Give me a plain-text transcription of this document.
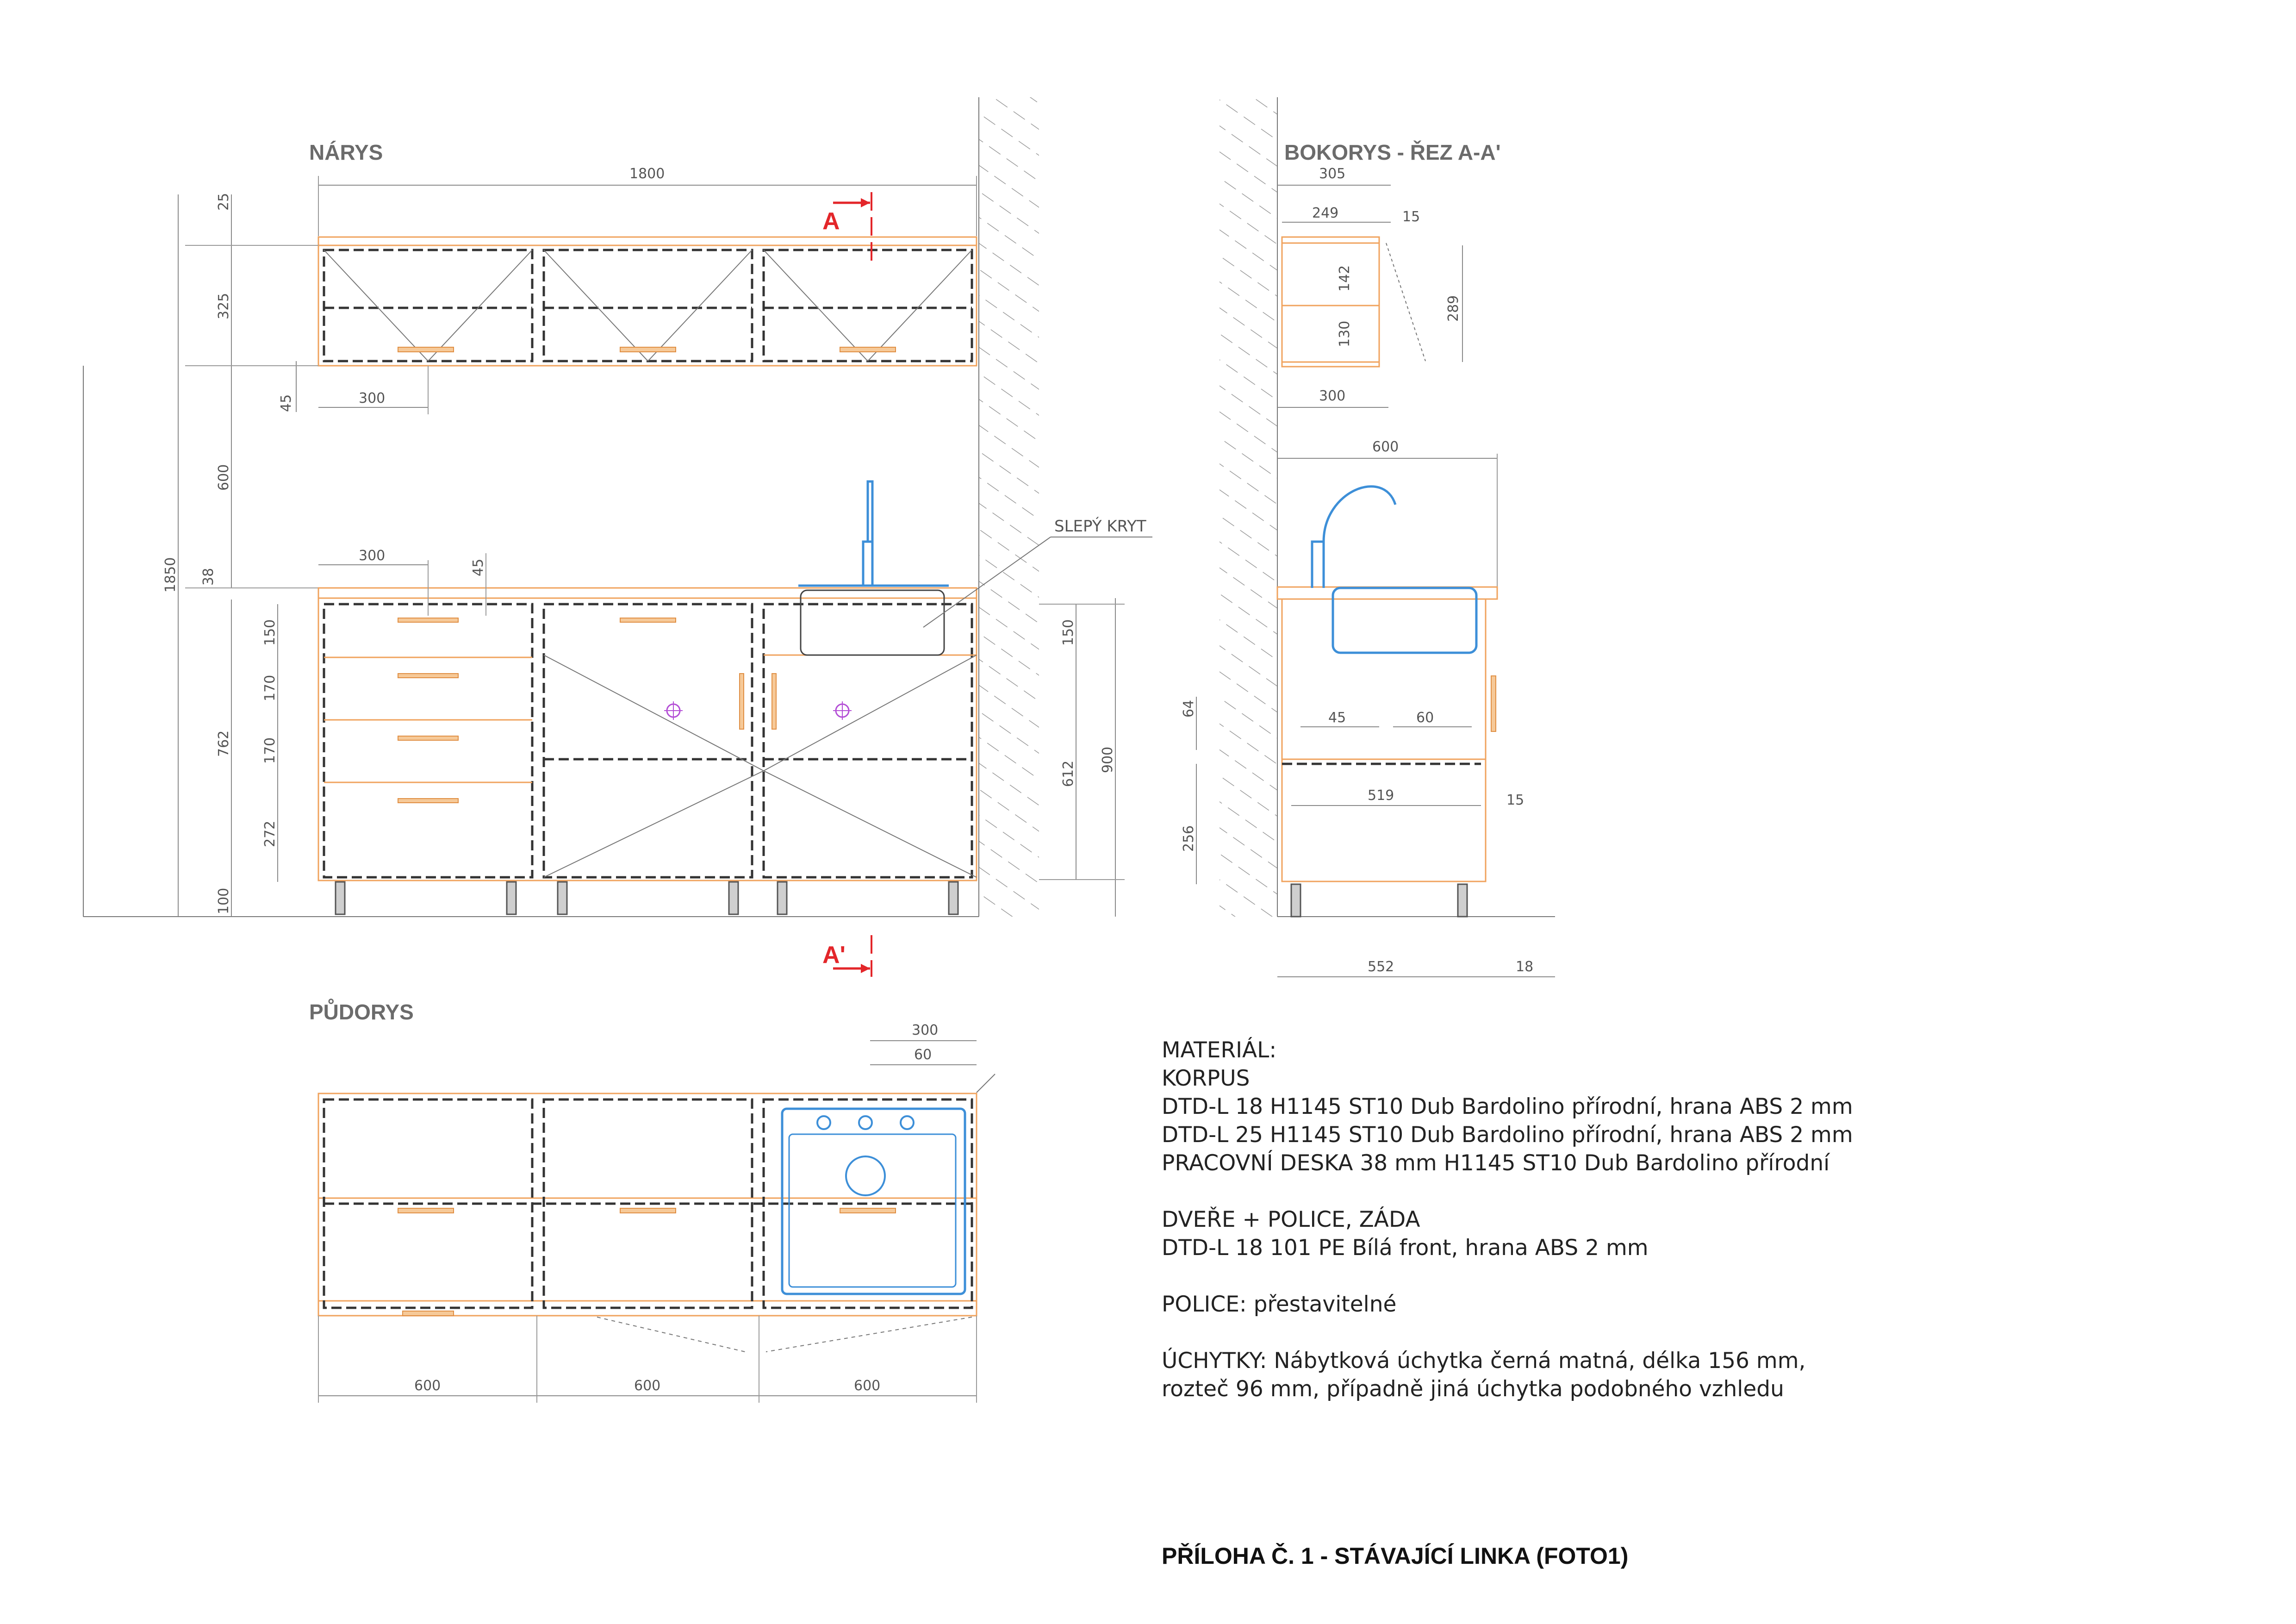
NÁRYS
1800
1850
25
325
600
45	300
38
SLEPÝ KRYT
762
100
150
170
170
272
300
45
900
150
612
A
A'
BOKORYS - ŘEZ A-A'
305
249	15
142
130
289
300
600
45	60
64
519	15
256
552	18
PŮDORYS
300
60
600	600	600
MATERIÁL:
KORPUS
DTD-L 18 H1145 ST10 Dub Bardolino přírodní, hrana ABS 2 mm
DTD-L 25 H1145 ST10 Dub Bardolino přírodní, hrana ABS 2 mm
PRACOVNÍ DESKA 38 mm H1145 ST10 Dub Bardolino přírodní
DVEŘE + POLICE, ZÁDA
DTD-L 18 101 PE Bílá front, hrana ABS 2 mm
POLICE: přestavitelné
ÚCHYTKY: Nábytková úchytka černá matná, délka 156 mm,
rozteč 96 mm, případně jiná úchytka podobného vzhledu
PŘÍLOHA Č. 1 - STÁVAJÍCÍ LINKA (FOTO1)
